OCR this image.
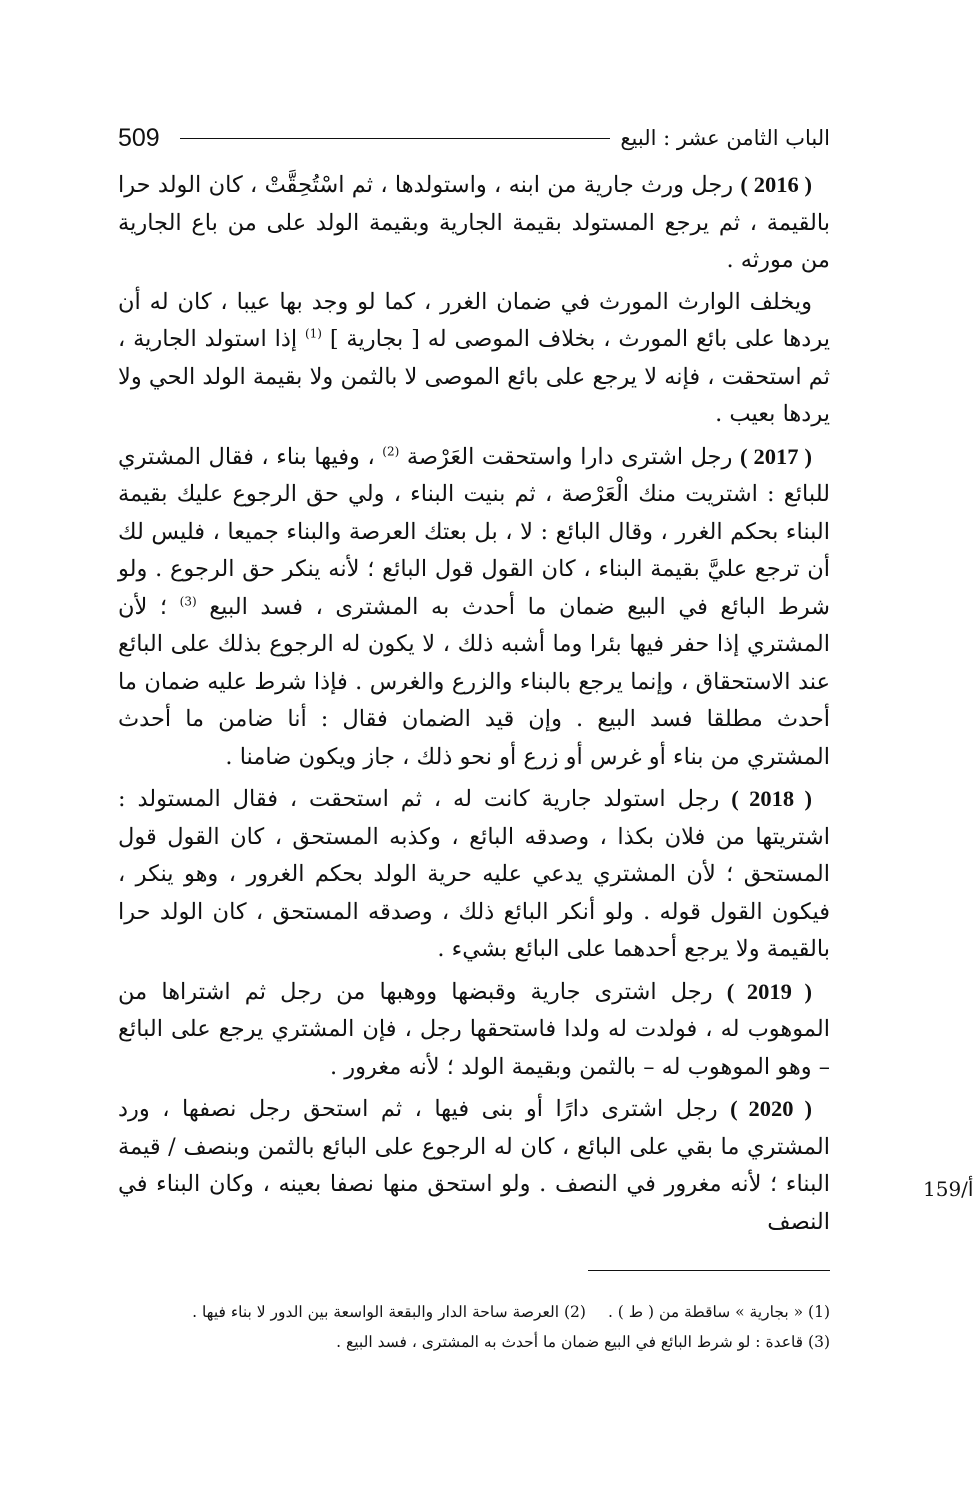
509	الباب الثامن عشر : البيع

( 2016 ) رجل ورث جارية من ابنه ، واستولدها ، ثم اسْتُحِقَّتْ ، كان الولد حرا بالقيمة ، ثم يرجع المستولد بقيمة الجارية وبقيمة الولد على من باع الجارية من مورثه .

ويخلف الوارث المورث في ضمان الغرر ، كما لو وجد بها عيبا ، كان له أن يردها على بائع المورث ، بخلاف الموصى له [ بجارية ] $^{(1)}$ إذا استولد الجارية ، ثم استحقت ، فإنه لا يرجع على بائع الموصى لا بالثمن ولا بقيمة الولد الحي ولا يردها بعيب .

( 2017 ) رجل اشترى دارا واستحقت العَرْصة $^{(2)}$ ، وفيها بناء ، فقال المشتري للبائع : اشتريت منك الْعَرْصة ، ثم بنيت البناء ، ولي حق الرجوع عليك بقيمة البناء بحكم الغرر ، وقال البائع : لا ، بل بعتك العرصة والبناء جميعا ، فليس لك أن ترجع عليَّ بقيمة البناء ، كان القول قول البائع ؛ لأنه ينكر حق الرجوع . ولو شرط البائع في البيع ضمان ما أحدث به المشترى ، فسد البيع $^{(3)}$ ؛ لأن المشتري إذا حفر فيها بئرا وما أشبه ذلك ، لا يكون له الرجوع بذلك على البائع عند الاستحقاق ، وإنما يرجع بالبناء والزرع والغرس . فإذا شرط عليه ضمان ما أحدث مطلقا فسد البيع . وإن قيد الضمان فقال : أنا ضامن ما أحدث المشتري من بناء أو غرس أو زرع أو نحو ذلك ، جاز ويكون ضامنا .

( 2018 ) رجل استولد جارية كانت له ، ثم استحقت ، فقال المستولد : اشتريتها من فلان بكذا ، وصدقه البائع ، وكذبه المستحق ، كان القول قول المستحق ؛ لأن المشتري يدعي عليه حرية الولد بحكم الغرور ، وهو ينكر ، فيكون القول قوله . ولو أنكر البائع ذلك ، وصدقه المستحق ، كان الولد حرا بالقيمة ولا يرجع أحدهما على البائع بشيء .

( 2019 ) رجل اشترى جارية وقبضها ووهبها من رجل ثم اشتراها من الموهوب له ، فولدت له ولدا فاستحقها رجل ، فإن المشتري يرجع على البائع – وهو الموهوب له – بالثمن وبقيمة الولد ؛ لأنه مغرور .

( 2020 ) رجل اشترى دارًا أو بنى فيها ، ثم استحق رجل نصفها ، ورد المشتري ما بقي على البائع ، كان له الرجوع على البائع بالثمن وبنصف / قيمة البناء ؛ لأنه مغرور في النصف . ولو استحق منها نصفا بعينه ، وكان البناء في النصف

159/أ

(1) « بجارية » ساقطة من ( ط ) .(2) العرصة ساحة الدار والبقعة الواسعة بين الدور لا بناء فيها .

(3) قاعدة : لو شرط البائع في البيع ضمان ما أحدث به المشترى ، فسد البيع .
